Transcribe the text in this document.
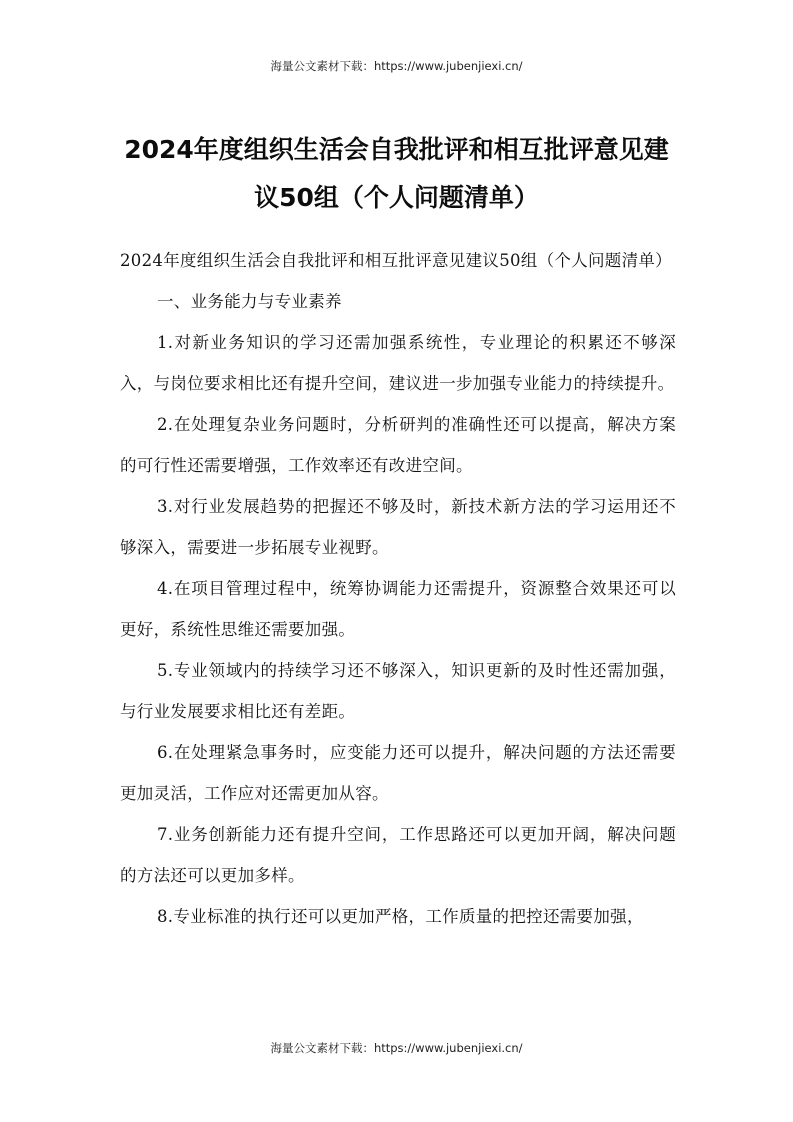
海量公文素材下载：https://www.jubenjiexi.cn/
2024年度组织生活会自我批评和相互批评意见建议50组（个人问题清单）

2024年度组织生活会自我批评和相互批评意见建议50组（个人问题清单）

一、业务能力与专业素养

1.对新业务知识的学习还需加强系统性，专业理论的积累还不够深入，与岗位要求相比还有提升空间，建议进一步加强专业能力的持续提升。

2.在处理复杂业务问题时，分析研判的准确性还可以提高，解决方案的可行性还需要增强，工作效率还有改进空间。

3.对行业发展趋势的把握还不够及时，新技术新方法的学习运用还不够深入，需要进一步拓展专业视野。

4.在项目管理过程中，统筹协调能力还需提升，资源整合效果还可以更好，系统性思维还需要加强。

5.专业领域内的持续学习还不够深入，知识更新的及时性还需加强，与行业发展要求相比还有差距。

6.在处理紧急事务时，应变能力还可以提升，解决问题的方法还需要更加灵活，工作应对还需更加从容。

7.业务创新能力还有提升空间，工作思路还可以更加开阔，解决问题的方法还可以更加多样。

8.专业标准的执行还可以更加严格，工作质量的把控还需要加强，

海量公文素材下载：https://www.jubenjiexi.cn/
